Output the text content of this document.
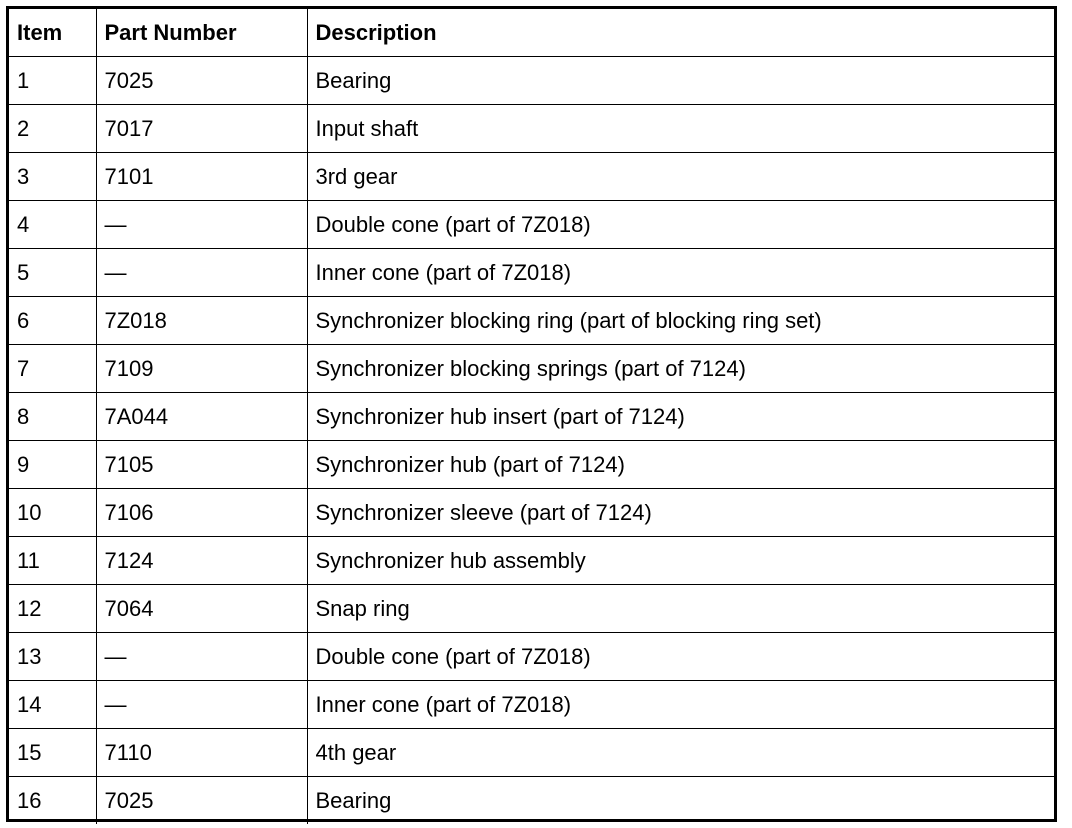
Item	Part Number	Description
1	7025	Bearing
2	7017	Input shaft
3	7101	3rd gear
4	—	Double cone (part of 7Z018)
5	—	Inner cone (part of 7Z018)
6	7Z018	Synchronizer blocking ring (part of blocking ring set)
7	7109	Synchronizer blocking springs (part of 7124)
8	7A044	Synchronizer hub insert (part of 7124)
9	7105	Synchronizer hub (part of 7124)
10	7106	Synchronizer sleeve (part of 7124)
11	7124	Synchronizer hub assembly
12	7064	Snap ring
13	—	Double cone (part of 7Z018)
14	—	Inner cone (part of 7Z018)
15	7110	4th gear
16	7025	Bearing
